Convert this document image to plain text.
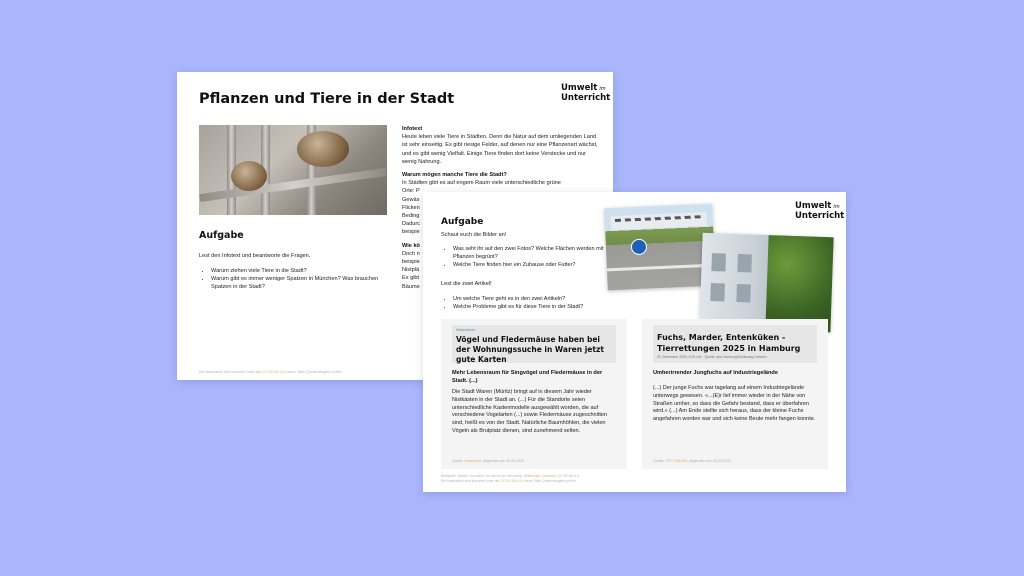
Pflanzen und Tiere in der Stadt
Umwelt im
Unterricht
Aufgabe
Lest den Infotext und beantworte die Fragen.
• Warum ziehen viele Tiere in die Stadt?
• Warum gibt es immer weniger Spatzen in München? Was brauchen Spatzen in der Stadt?
Infotext
Heute leben viele Tiere in Städten. Denn die Natur auf dem umliegenden Land ist sehr einseitig. Es gibt riesige Felder, auf denen nur eine Pflanzenart wächst, und es gibt wenig Vielfalt. Einige Tiere finden dort keine Verstecke und nur wenig Nahrung.
Warum mögen manche Tiere die Stadt?
In Städten gibt es auf engem Raum viele unterschiedliche grüne
Orte: P
Gewäs
Flicken
Beding
Dadurc
beispie
Wie kö
Doch n
beispie
Nistplä
Es gibt
Bäume
Die Materialien sind lizenziert unter der CC BY-SA 4.0 Lizenz. Bitte Quellenangabe prüfen.
Umwelt im
Unterricht
Aufgabe
Schaut euch die Bilder an!
• Was seht ihr auf den zwei Fotos? Welche Flächen werden mit Pflanzen begrünt?
• Welche Tiere finden hier ein Zuhause oder Futter?
Lest die zwei Artikel!
• Um welche Tiere geht es in den zwei Artikeln?
• Welche Probleme gibt es für diese Tiere in der Stadt?
Naturschutz
Vögel und Fledermäuse haben bei der Wohnungssuche in Waren jetzt gute Karten
Mehr Lebensraum für Singvögel und Fledermäuse in der Stadt. (...)
Die Stadt Waren (Müritz) bringt auf in diesem Jahr wieder Nistkästen in der Stadt an. (...) Für die Standorte seien unterschiedliche Kastenmodelle ausgewählt worden, die auf verschiedene Vogelarten (...) sowie Fledermäuse zugeschnitten sind, heißt es von der Stadt. Natürliche Baumhöhlen, die vielen Vögeln als Brutplatz dienen, sind zunehmend selten.
Quelle: Nordkurier, abgerufen am 30.04.2025
Fuchs, Marder, Entenküken - Tierrettungen 2025 in Hamburg
29. Dezember 2025, 6:30 Uhr · Quelle: dpa Hamburg/Schleswig-Holstein
Umherirrender Jungfuchs auf Industriegelände
(...) Der junge Fuchs war tagelang auf einem Industriegelände unterwegs gewesen. «...(E)r lief immer wieder in der Nähe von Straßen umher, so dass die Gefahr bestand, dass er überfahren wird.» (...) Am Ende stellte sich heraus, dass der kleine Fuchs angefahren worden war und sich keine Beute mehr fangen konnte.
Quelle: ZEIT ONLINE, abgerufen am 30.04.2025
Bildquelle: Straße: Lizenziert von Bernd am Würzberg, Wikimedia Commons, CC BY-SA 4.0
Die Materialien sind lizenziert unter der CC BY-SA 4.0 Lizenz. Bitte Quellenangabe prüfen.
